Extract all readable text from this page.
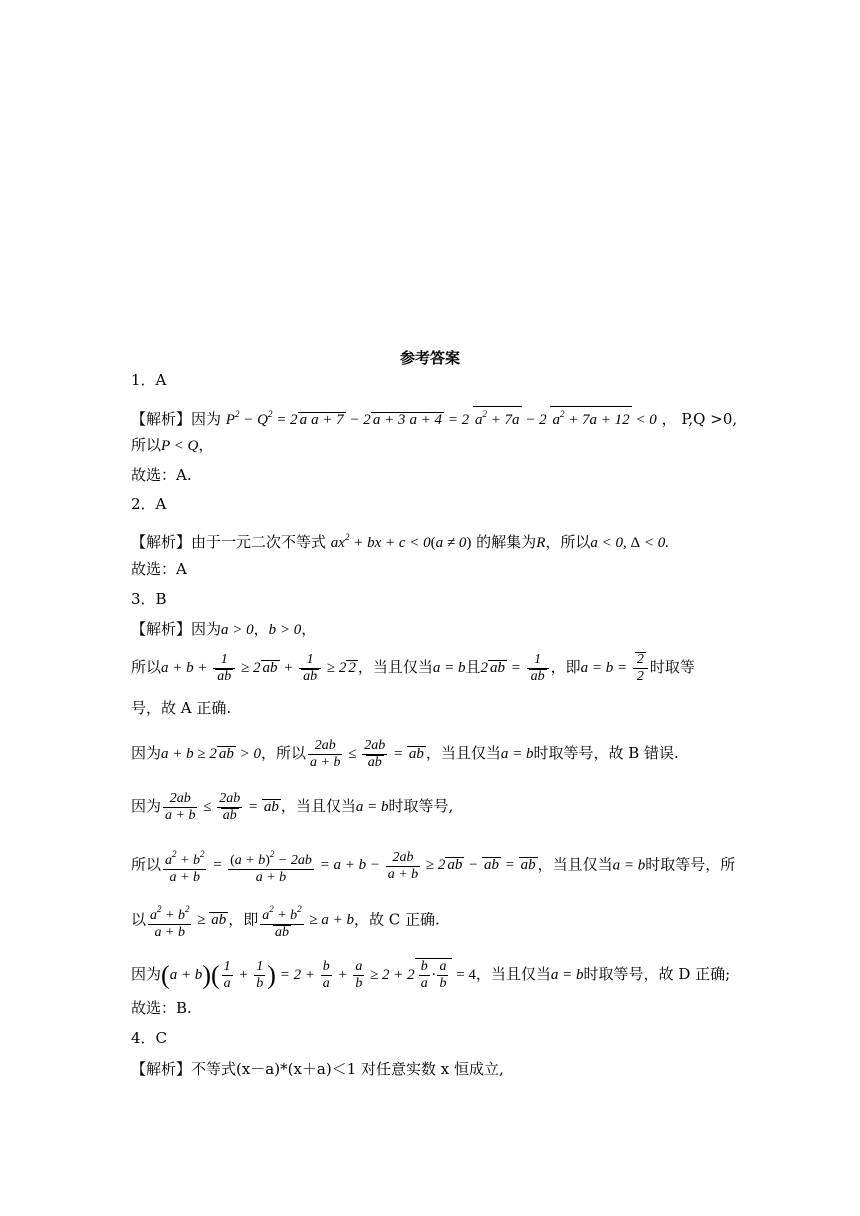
参考答案
1．A
【解析】因为 $P^2 - Q^2 = 2$ a a + 7 − 2 a + 3 a + 4 = 2 $a^2 + 7a - 2$ $a^2 + 7a + 12 < 0$ ， P,Q >0,
所以P < Q，
故选：A.
2．A
【解析】由于一元二次不等式 $ax^2$ + bx + c < 0(a ≠ 0) 的解集为R，所以a < 0, Δ < 0.
故选：A
3．B
【解析】因为a > 0，b > 0，
所以$a + b + \frac{1}{ab} \ge 2$ ab + $\frac{1}{ab} \ge 2$ 2 ，当且仅当a = b且2 ab = $\frac{1}{ab}$ ，即$a = b = \frac{2}{2}$ 时取等
号，故 A 正确.
因为a + b ≥ 2 ab > 0，所以 $\frac{2ab}{a + b} \le \frac{2ab}{ab}$ = ab ，当且仅当a = b时取等号，故 B 错误.
因为 $\frac{2ab}{a + b} \le \frac{2ab}{ab}$ = ab ，当且仅当a = b时取等号,
所以 $\frac{a^2 + b^2}{a + b} = \frac{(a + b)^2 - 2ab}{a + b} = a + b - \frac{2ab}{a + b} \ge 2$ ab − ab = ab ，当且仅当a = b时取等号，所
以 $\frac{a^2 + b^2}{a + b}$ ≥ ab ，即 $\frac{a^2 + b^2}{ab} \ge a + b$，故 C 正确.
因为$(a + b)( \frac{1}{a} + \frac{1}{b}$ ) = $2 + \frac{b}{a} + \frac{a}{b} \ge 2 + 2 \frac{b}{a} \cdot \frac{a}{b} = 4$，当且仅当a = b时取等号，故 D 正确;
故选：B.
4．C
【解析】不等式(x－a)*(x＋a)＜1 对任意实数 x 恒成立,
